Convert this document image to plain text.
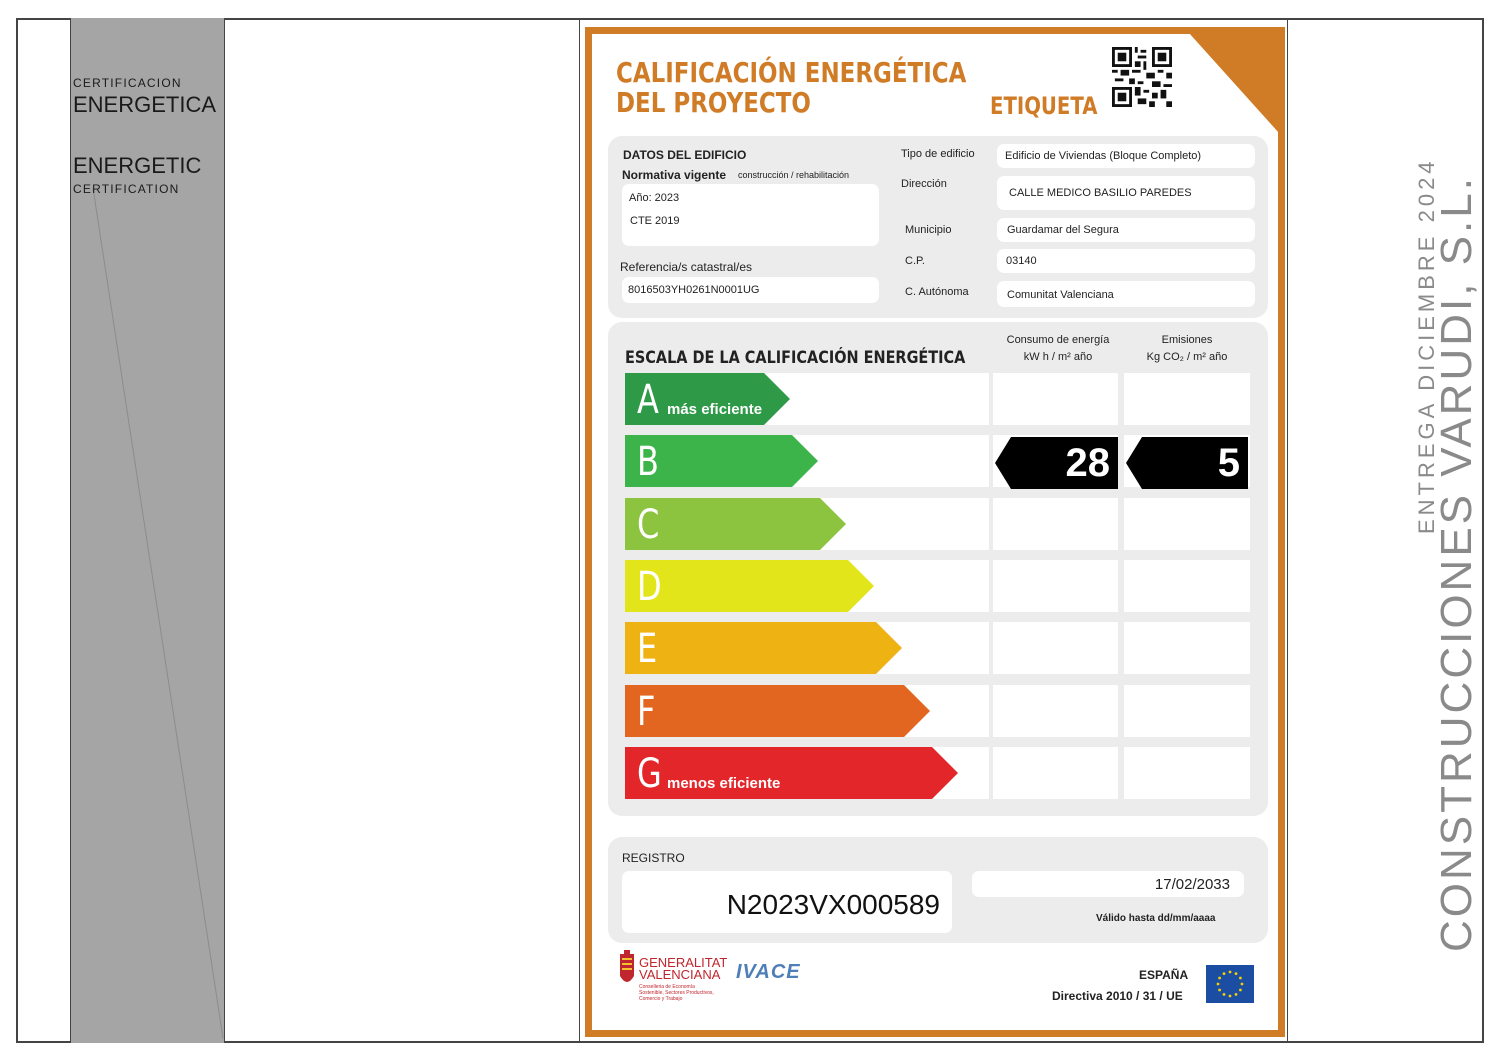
CERTIFICACION
ENERGETICA
ENERGETIC
CERTIFICATION	CONSTRUCCIONES VARUDI, S.L.
ENTREGA DICIEMBRE 2024
CALIFICACIÓN ENERGÉTICA
DEL PROYECTO	ETIQUETA
DATOS DEL EDIFICIO
Normativa vigente construcción / rehabilitación
Año: 2023
CTE 2019
Referencia/s catastral/es
8016503YH0261N0001UG
Tipo de edificio	Edificio de Viviendas (Bloque Completo)
Dirección
CALLE MEDICO BASILIO PAREDES
Municipio	Guardamar del Segura
C.P.	03140
C. Autónoma	Comunitat Valenciana
ESCALA DE LA CALIFICACIÓN ENERGÉTICA
Consumo de energía
kW h / m² año
Emisiones
Kg CO₂ / m² año
A más eficiente
B	28	5
C
D
E
F
G menos eficiente
REGISTRO
N2023VX000589
17/02/2033
Válido hasta dd/mm/aaaa
GENERALITAT
VALENCIANA
Conselleria de Economía
Sostenible, Sectores Productivos,
Comercio y Trabajo
IVACE	ESPAÑA
Directiva 2010 / 31 / UE
